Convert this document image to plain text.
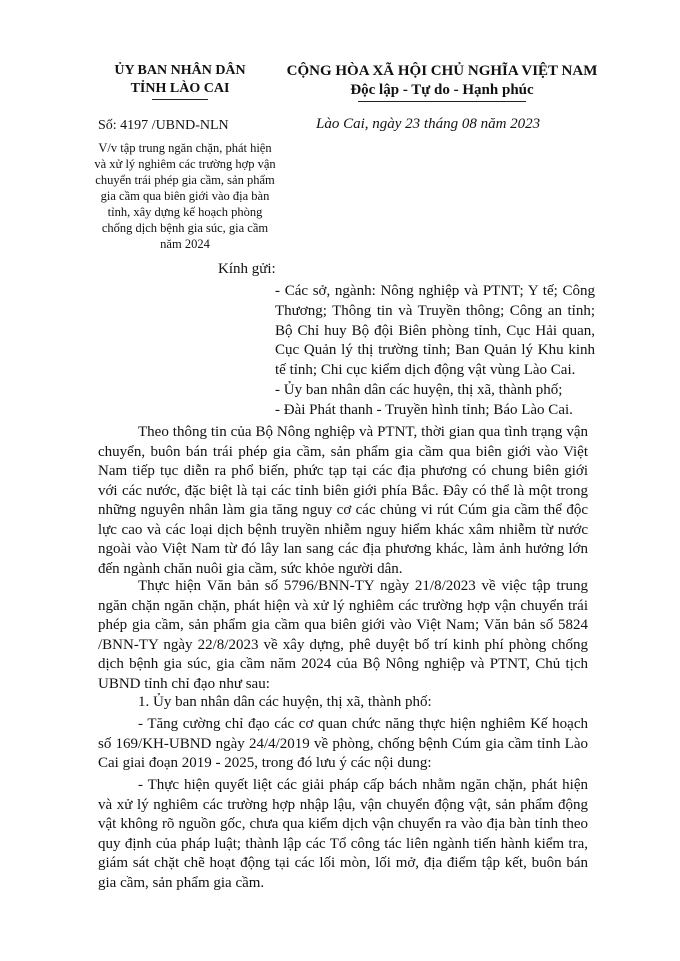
ỦY BAN NHÂN DÂN
TỈNH LÀO CAI
CỘNG HÒA XÃ HỘI CHỦ NGHĨA VIỆT NAM
Độc lập - Tự do - Hạnh phúc
Số: 4197 /UBND-NLN	Lào Cai, ngày 23 tháng 08 năm 2023
V/v tập trung ngăn chặn, phát hiện và xử lý nghiêm các trường hợp vận chuyển trái phép gia cầm, sản phẩm gia cầm qua biên giới vào địa bàn tỉnh, xây dựng kế hoạch phòng chống dịch bệnh gia súc, gia cầm năm 2024
Kính gửi:

- Các sở, ngành: Nông nghiệp và PTNT; Y tế; Công Thương; Thông tin và Truyền thông; Công an tỉnh; Bộ Chỉ huy Bộ đội Biên phòng tỉnh, Cục Hải quan, Cục Quản lý thị trường tỉnh; Ban Quản lý Khu kinh tế tỉnh; Chi cục kiểm dịch động vật vùng Lào Cai.

- Ủy ban nhân dân các huyện, thị xã, thành phố;

- Đài Phát thanh - Truyền hình tỉnh; Báo Lào Cai.

Theo thông tin của Bộ Nông nghiệp và PTNT, thời gian qua tình trạng vận chuyển, buôn bán trái phép gia cầm, sản phẩm gia cầm qua biên giới vào Việt Nam tiếp tục diễn ra phổ biến, phức tạp tại các địa phương có chung biên giới với các nước, đặc biệt là tại các tỉnh biên giới phía Bắc. Đây có thể là một trong những nguyên nhân làm gia tăng nguy cơ các chủng vi rút Cúm gia cầm thể độc lực cao và các loại dịch bệnh truyền nhiễm nguy hiểm khác xâm nhiễm từ nước ngoài vào Việt Nam từ đó lây lan sang các địa phương khác, làm ảnh hưởng lớn đến ngành chăn nuôi gia cầm, sức khỏe người dân.

Thực hiện Văn bản số 5796/BNN-TY ngày 21/8/2023 về việc tập trung ngăn chặn ngăn chặn, phát hiện và xử lý nghiêm các trường hợp vận chuyển trái phép gia cầm, sản phẩm gia cầm qua biên giới vào Việt Nam; Văn bản số 5824 /BNN-TY ngày 22/8/2023 về xây dựng, phê duyệt bố trí kinh phí phòng chống dịch bệnh gia súc, gia cầm năm 2024 của Bộ Nông nghiệp và PTNT, Chủ tịch UBND tỉnh chỉ đạo như sau:

1. Ủy ban nhân dân các huyện, thị xã, thành phố:

- Tăng cường chỉ đạo các cơ quan chức năng thực hiện nghiêm Kế hoạch số 169/KH-UBND ngày 24/4/2019 về phòng, chống bệnh Cúm gia cầm tỉnh Lào Cai giai đoạn 2019 - 2025, trong đó lưu ý các nội dung:

- Thực hiện quyết liệt các giải pháp cấp bách nhằm ngăn chặn, phát hiện và xử lý nghiêm các trường hợp nhập lậu, vận chuyển động vật, sản phẩm động vật không rõ nguồn gốc, chưa qua kiểm dịch vận chuyển ra vào địa bàn tỉnh theo quy định của pháp luật; thành lập các Tổ công tác liên ngành tiến hành kiểm tra, giám sát chặt chẽ hoạt động tại các lối mòn, lối mở, địa điểm tập kết, buôn bán gia cầm, sản phẩm gia cầm.
